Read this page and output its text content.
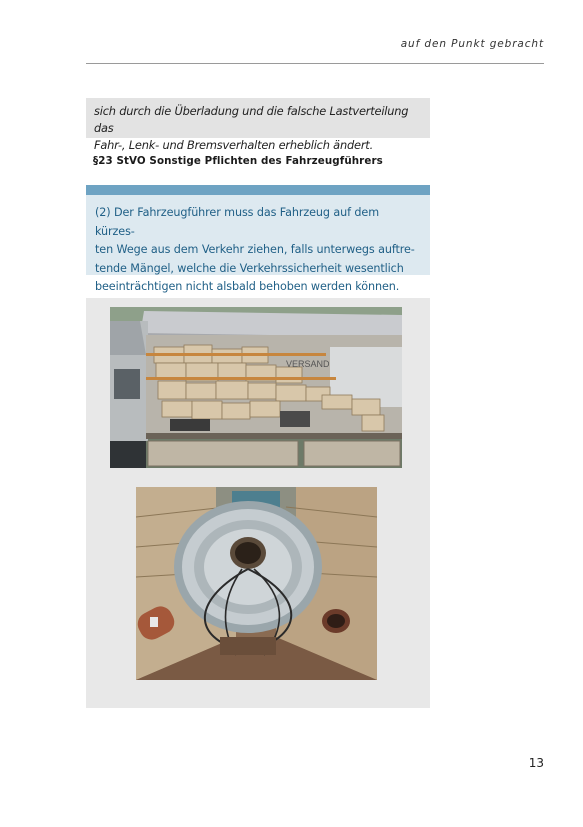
auf den Punkt gebracht
sich durch die Überladung und die falsche Lastverteilung das
Fahr-, Lenk- und Bremsverhalten erheblich ändert.
§23 StVO Sonstige Pflichten des Fahrzeugführers
(2) Der Fahrzeugführer muss das Fahrzeug auf dem kürzes-
ten Wege aus dem Verkehr ziehen, falls unterwegs auftre-
tende Mängel, welche die Verkehrssicherheit wesentlich
beeinträchtigen nicht alsbald behoben werden können.
VERSAND
13
